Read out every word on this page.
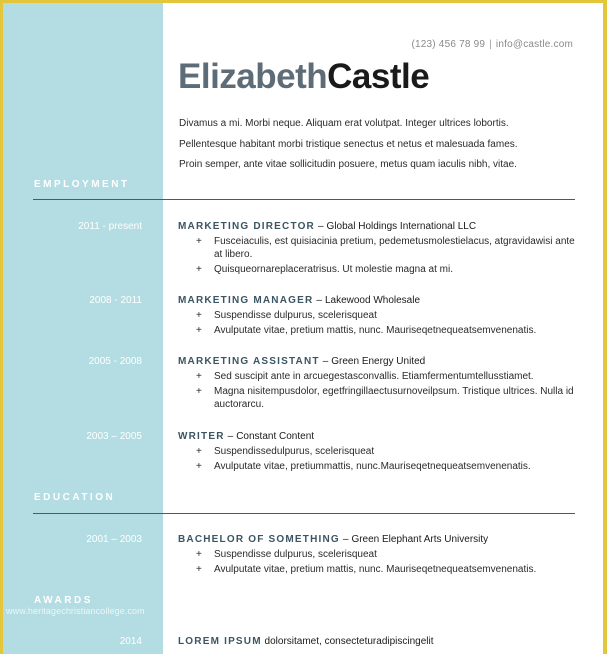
(123) 456 78 99 | info@castle.com
ElizabethCastle

Divamus a mi. Morbi neque. Aliquam erat volutpat. Integer ultrices lobortis.

Pellentesque habitant morbi tristique senectus et netus et malesuada fames.

Proin semper, ante vitae sollicitudin posuere, metus quam iaculis nibh, vitae.

EMPLOYMENT
2011 - present	MARKETING DIRECTOR – Global Holdings International LLC
+ Fusceiaculis, est quisiacinia pretium, pedemetusmolestielacus, atgravidawisi ante at libero.
+ Quisqueornareplaceratrisus. Ut molestie magna at mi.
2008 - 2011	MARKETING MANAGER – Lakewood Wholesale
+ Suspendisse dulpurus, scelerisqueat
+ Avulputate vitae, pretium mattis, nunc. Mauriseqetnequeatsemvenenatis.
2005 - 2008	MARKETING ASSISTANT – Green Energy United
+ Sed suscipit ante in arcuegestasconvallis. Etiamfermentumtellusstiamet.
+ Magna nisitempusdolor, egetfringillaectusurnoveilpsum. Tristique ultrices. Nulla id auctorarcu.
2003 – 2005	WRITER – Constant Content
+ Suspendissedulpurus, scelerisqueat
+ Avulputate vitae, pretiummattis, nunc.Mauriseqetnequeatsemvenenatis.
EDUCATION
2001 – 2003	BACHELOR OF SOMETHING – Green Elephant Arts University
+ Suspendisse dulpurus, scelerisqueat
+ Avulputate vitae, pretium mattis, nunc. Mauriseqetnequeatsemvenenatis.
AWARDS
www.heritagechristiancollege.com
2014	LOREM IPSUM dolorsitamet, consecteturadipiscingelit
